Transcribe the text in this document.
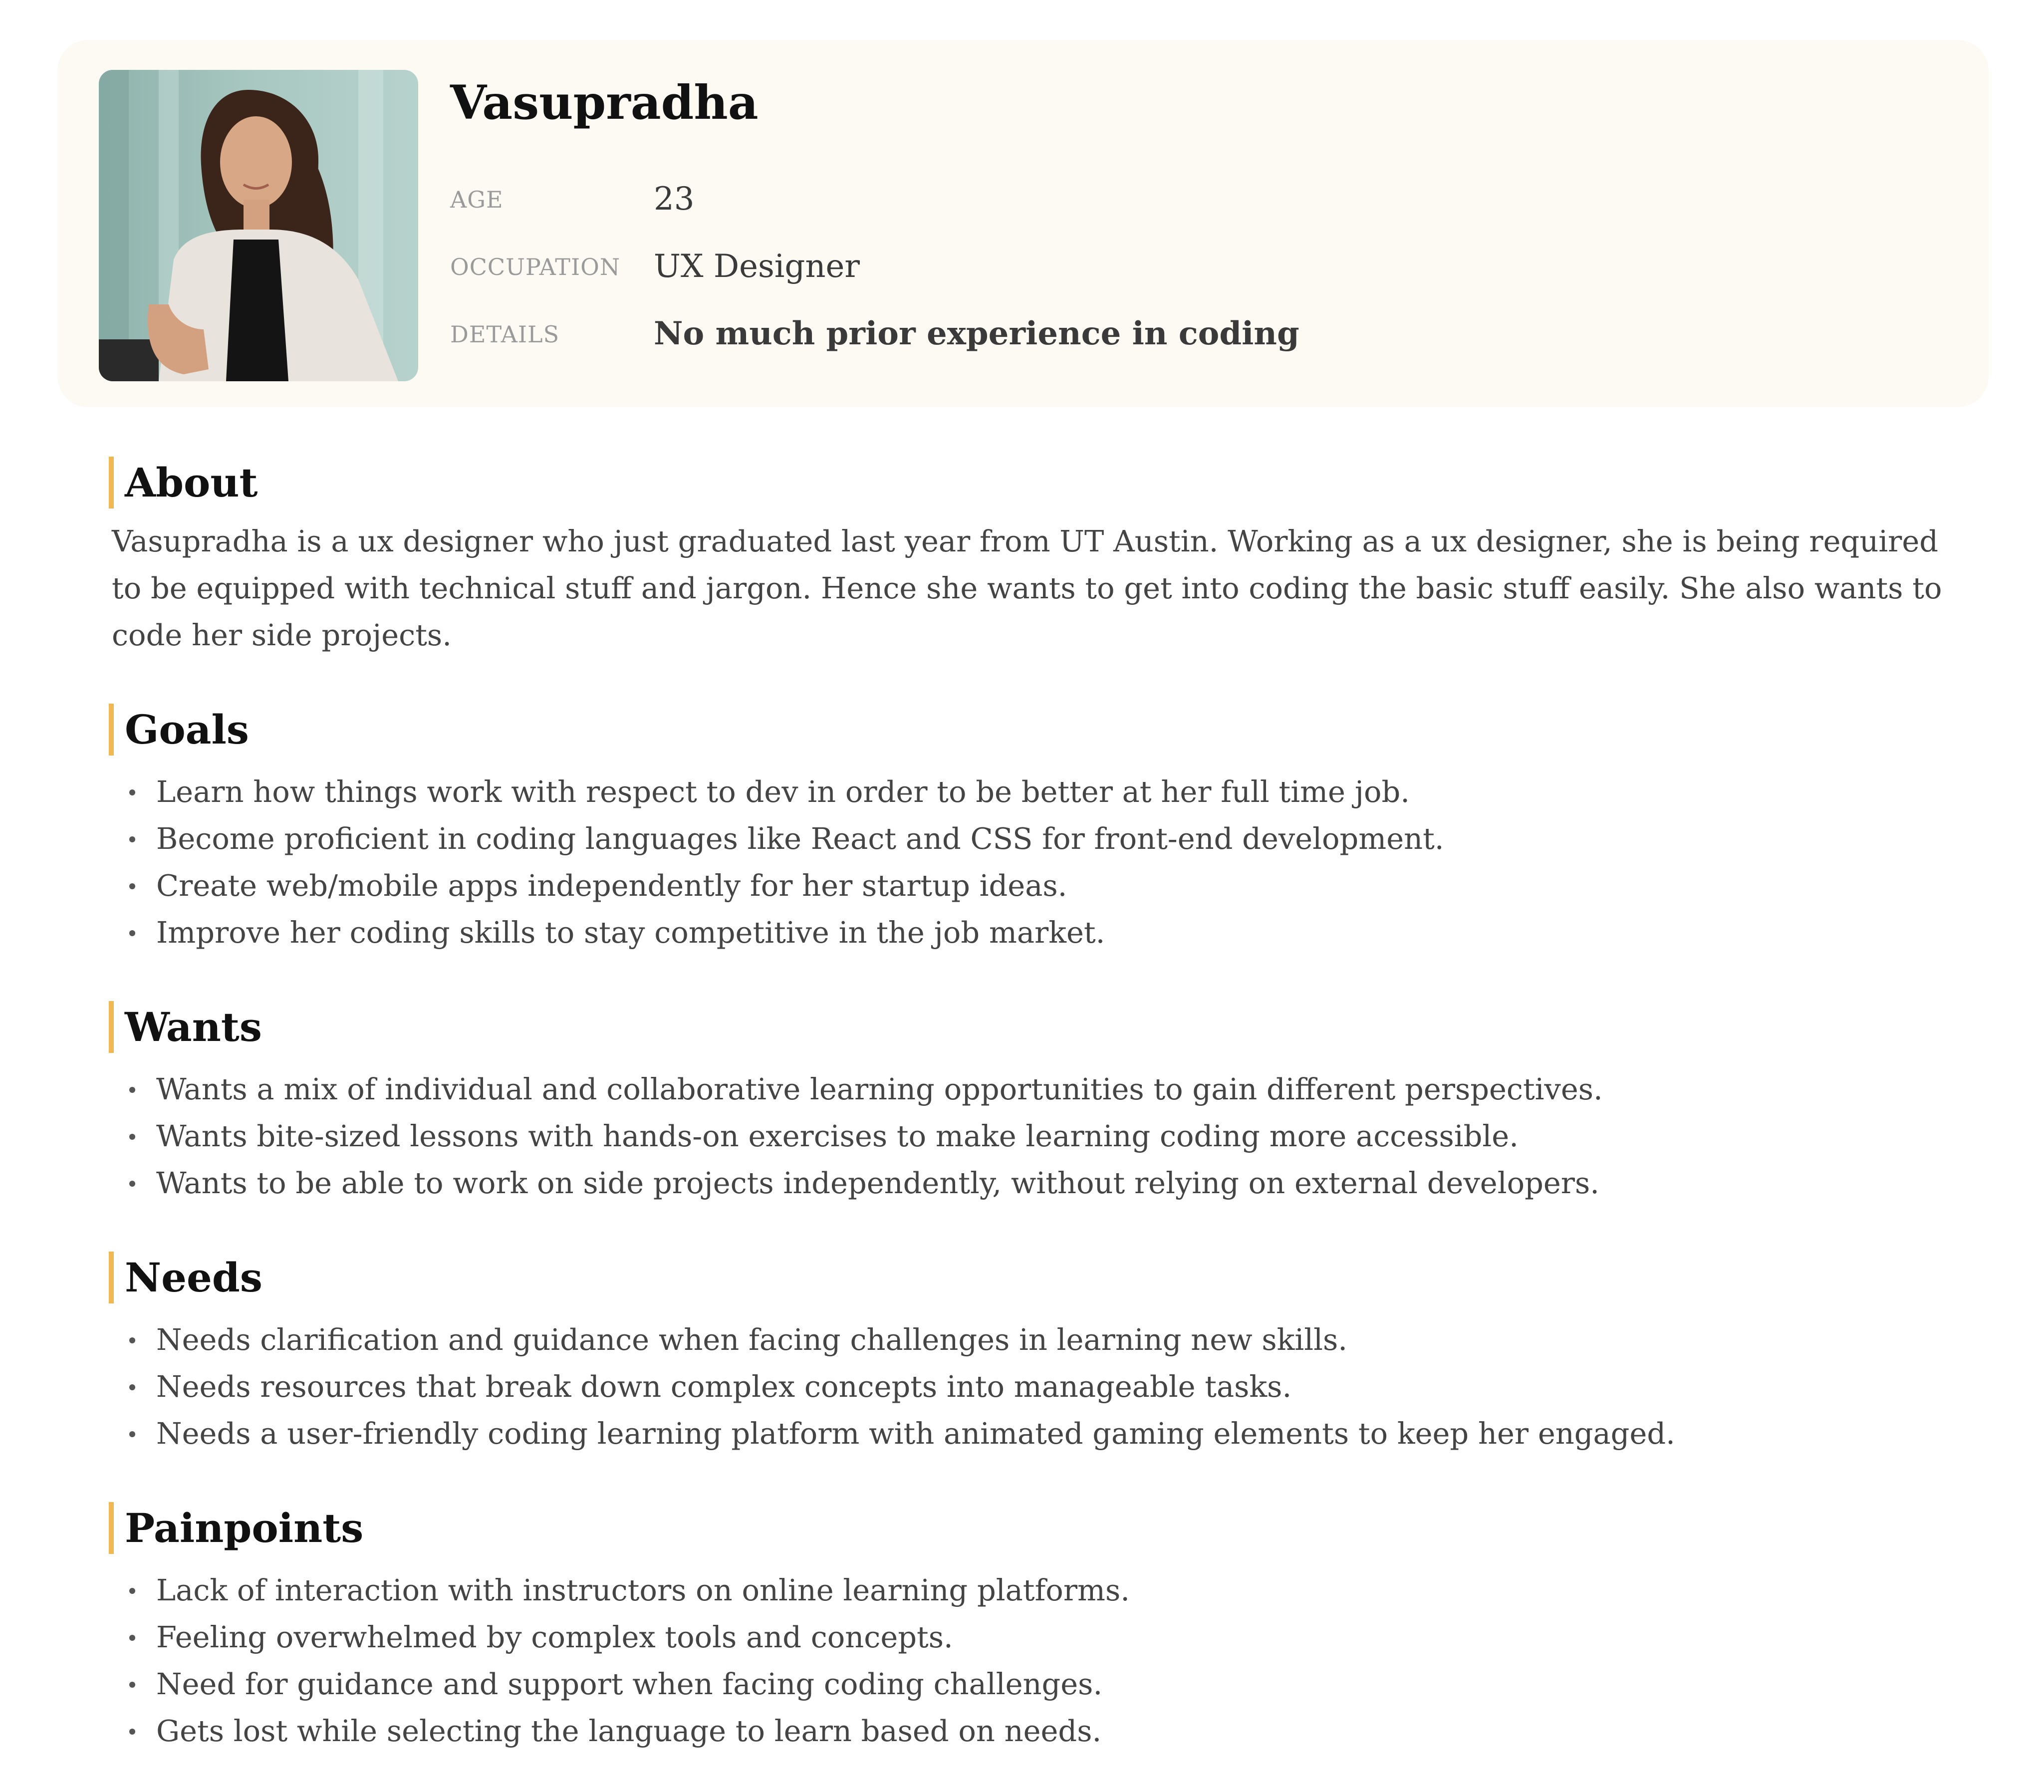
Vasupradha
AGE	23
OCCUPATION UX Designer
DETAILS	No much prior experience in coding
About

Vasupradha is a ux designer who just graduated last year from UT Austin. Working as a ux designer, she is being required to be equipped with technical stuff and jargon. Hence she wants to get into coding the basic stuff easily. She also wants to code her side projects.

Goals
Learn how things work with respect to dev in order to be better at her full time job.
Become proficient in coding languages like React and CSS for front-end development.
Create web/mobile apps independently for her startup ideas.
Improve her coding skills to stay competitive in the job market.
Wants
Wants a mix of individual and collaborative learning opportunities to gain different perspectives.
Wants bite-sized lessons with hands-on exercises to make learning coding more accessible.
Wants to be able to work on side projects independently, without relying on external developers.
Needs
Needs clarification and guidance when facing challenges in learning new skills.
Needs resources that break down complex concepts into manageable tasks.
Needs a user-friendly coding learning platform with animated gaming elements to keep her engaged.
Painpoints
Lack of interaction with instructors on online learning platforms.
Feeling overwhelmed by complex tools and concepts.
Need for guidance and support when facing coding challenges.
Gets lost while selecting the language to learn based on needs.
